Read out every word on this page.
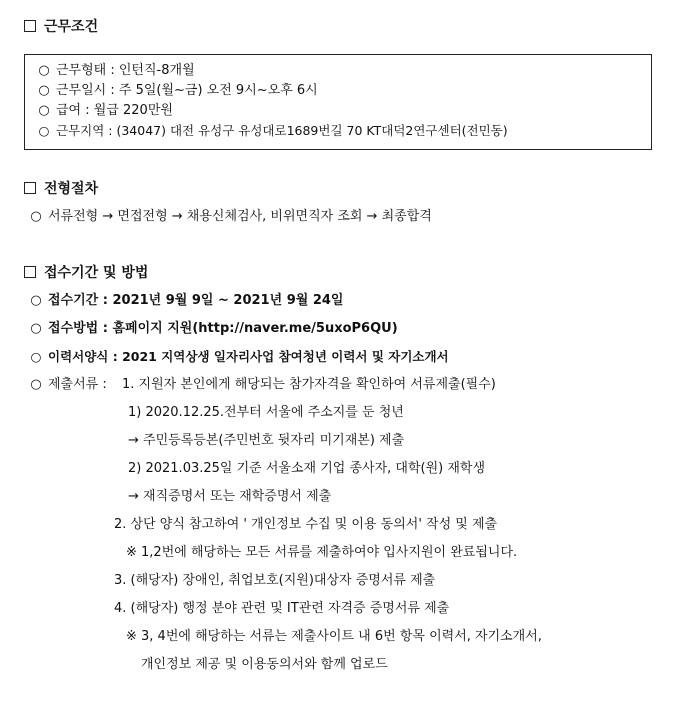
근무조건
○ 근무형태 : 인턴직-8개월
○ 근무일시 : 주 5일(월~금) 오전 9시~오후 6시
○ 급여 : 월급 220만원
○ 근무지역 : (34047) 대전 유성구 유성대로1689번길 70 KT대덕2연구센터(전민동)
전형절차
○ 서류전형 → 면접전형 → 채용신체검사, 비위면직자 조회 → 최종합격
접수기간 및 방법
○ 접수기간 : 2021년 9월 9일 ~ 2021년 9월 24일
○ 접수방법 : 홈페이지 지원(http://naver.me/5uxoP6QU)
○ 이력서양식 : 2021 지역상생 일자리사업 참여청년 이력서 및 자기소개서
○ 제출서류 : 1. 지원자 본인에게 해당되는 참가자격을 확인하여 서류제출(필수)
1) 2020.12.25.전부터 서울에 주소지를 둔 청년
→ 주민등록등본(주민번호 뒷자리 미기재본) 제출
2) 2021.03.25일 기준 서울소재 기업 종사자, 대학(원) 재학생
→ 재직증명서 또는 재학증명서 제출
2. 상단 양식 참고하여 ' 개인정보 수집 및 이용 동의서' 작성 및 제출
※ 1,2번에 해당하는 모든 서류를 제출하여야 입사지원이 완료됩니다.
3. (해당자) 장애인, 취업보호(지원)대상자 증명서류 제출
4. (해당자) 행정 분야 관련 및 IT관련 자격증 증명서류 제출
※ 3, 4번에 해당하는 서류는 제출사이트 내 6번 항목 이력서, 자기소개서,
개인정보 제공 및 이용동의서와 함께 업로드
